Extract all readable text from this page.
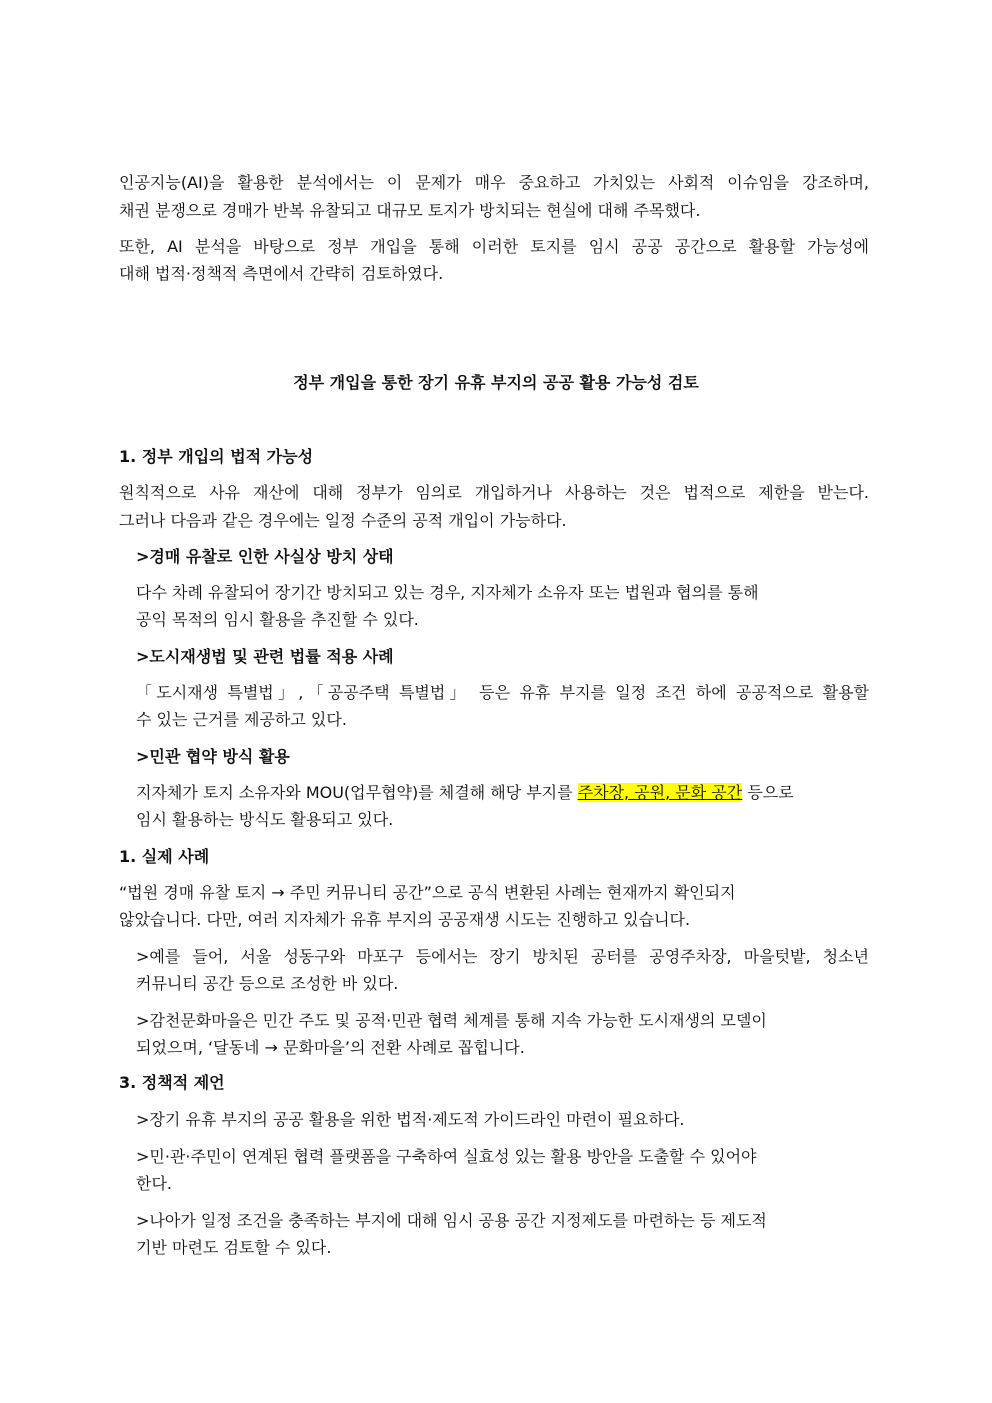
인공지능(AI)을 활용한 분석에서는 이 문제가 매우 중요하고 가치있는 사회적 이슈임을 강조하며,
채권 분쟁으로 경매가 반복 유찰되고 대규모 토지가 방치되는 현실에 대해 주목했다.
또한, AI 분석을 바탕으로 정부 개입을 통해 이러한 토지를 임시 공공 공간으로 활용할 가능성에
대해 법적·정책적 측면에서 간략히 검토하였다.
정부 개입을 통한 장기 유휴 부지의 공공 활용 가능성 검토
1. 정부 개입의 법적 가능성
원칙적으로 사유 재산에 대해 정부가 임의로 개입하거나 사용하는 것은 법적으로 제한을 받는다.
그러나 다음과 같은 경우에는 일정 수준의 공적 개입이 가능하다.
>경매 유찰로 인한 사실상 방치 상태
다수 차례 유찰되어 장기간 방치되고 있는 경우, 지자체가 소유자 또는 법원과 협의를 통해
공익 목적의 임시 활용을 추진할 수 있다.
>도시재생법 및 관련 법률 적용 사례
「도시재생 특별법」,「공공주택 특별법」 등은 유휴 부지를 일정 조건 하에 공공적으로 활용할
수 있는 근거를 제공하고 있다.
>민관 협약 방식 활용
지자체가 토지 소유자와 MOU(업무협약)를 체결해 해당 부지를 주차장, 공원, 문화 공간 등으로
임시 활용하는 방식도 활용되고 있다.
1. 실제 사례
“법원 경매 유찰 토지 → 주민 커뮤니티 공간”으로 공식 변환된 사례는 현재까지 확인되지
않았습니다. 다만, 여러 지자체가 유휴 부지의 공공재생 시도는 진행하고 있습니다.
>예를 들어, 서울 성동구와 마포구 등에서는 장기 방치된 공터를 공영주차장, 마을텃밭, 청소년
커뮤니티 공간 등으로 조성한 바 있다.
>감천문화마을은 민간 주도 및 공적·민관 협력 체계를 통해 지속 가능한 도시재생의 모델이
되었으며, ‘달동네 → 문화마을’의 전환 사례로 꼽힙니다.
3. 정책적 제언
>장기 유휴 부지의 공공 활용을 위한 법적·제도적 가이드라인 마련이 필요하다.
>민·관·주민이 연계된 협력 플랫폼을 구축하여 실효성 있는 활용 방안을 도출할 수 있어야
한다.
>나아가 일정 조건을 충족하는 부지에 대해 임시 공용 공간 지정제도를 마련하는 등 제도적
기반 마련도 검토할 수 있다.
